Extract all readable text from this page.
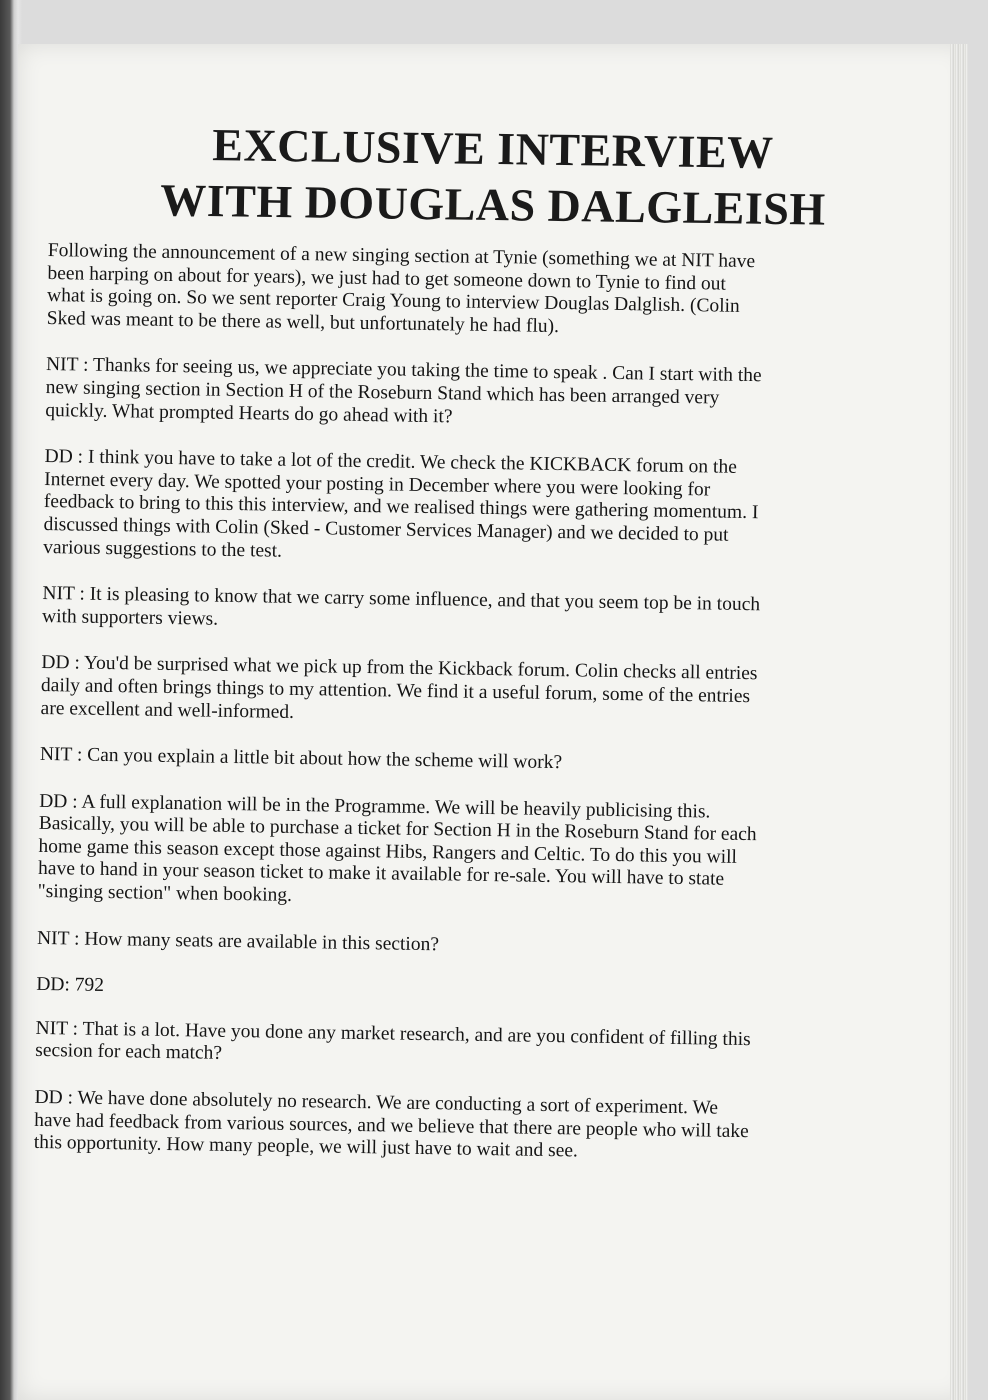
EXCLUSIVE INTERVIEW
WITH DOUGLAS DALGLEISH

Following the announcement of a new singing section at Tynie (something we at NIT have
been harping on about for years), we just had to get someone down to Tynie to find out
what is going on. So we sent reporter Craig Young to interview Douglas Dalglish. (Colin
Sked was meant to be there as well, but unfortunately he had flu).

NIT : Thanks for seeing us, we appreciate you taking the time to speak . Can I start with the
new singing section in Section H of the Roseburn Stand which has been arranged very
quickly. What prompted Hearts do go ahead with it?

DD : I think you have to take a lot of the credit. We check the KICKBACK forum on the
Internet every day. We spotted your posting in December where you were looking for
feedback to bring to this this interview, and we realised things were gathering momentum. I
discussed things with Colin (Sked - Customer Services Manager) and we decided to put
various suggestions to the test.

NIT : It is pleasing to know that we carry some influence, and that you seem top be in touch
with supporters views.

DD : You'd be surprised what we pick up from the Kickback forum. Colin checks all entries
daily and often brings things to my attention. We find it a useful forum, some of the entries
are excellent and well-informed.

NIT : Can you explain a little bit about how the scheme will work?

DD : A full explanation will be in the Programme. We will be heavily publicising this.
Basically, you will be able to purchase a ticket for Section H in the Roseburn Stand for each
home game this season except those against Hibs, Rangers and Celtic. To do this you will
have to hand in your season ticket to make it available for re-sale. You will have to state
"singing section" when booking.

NIT : How many seats are available in this section?

DD: 792

NIT : That is a lot. Have you done any market research, and are you confident of filling this
secsion for each match?

DD : We have done absolutely no research. We are conducting a sort of experiment. We
have had feedback from various sources, and we believe that there are people who will take
this opportunity. How many people, we will just have to wait and see.
